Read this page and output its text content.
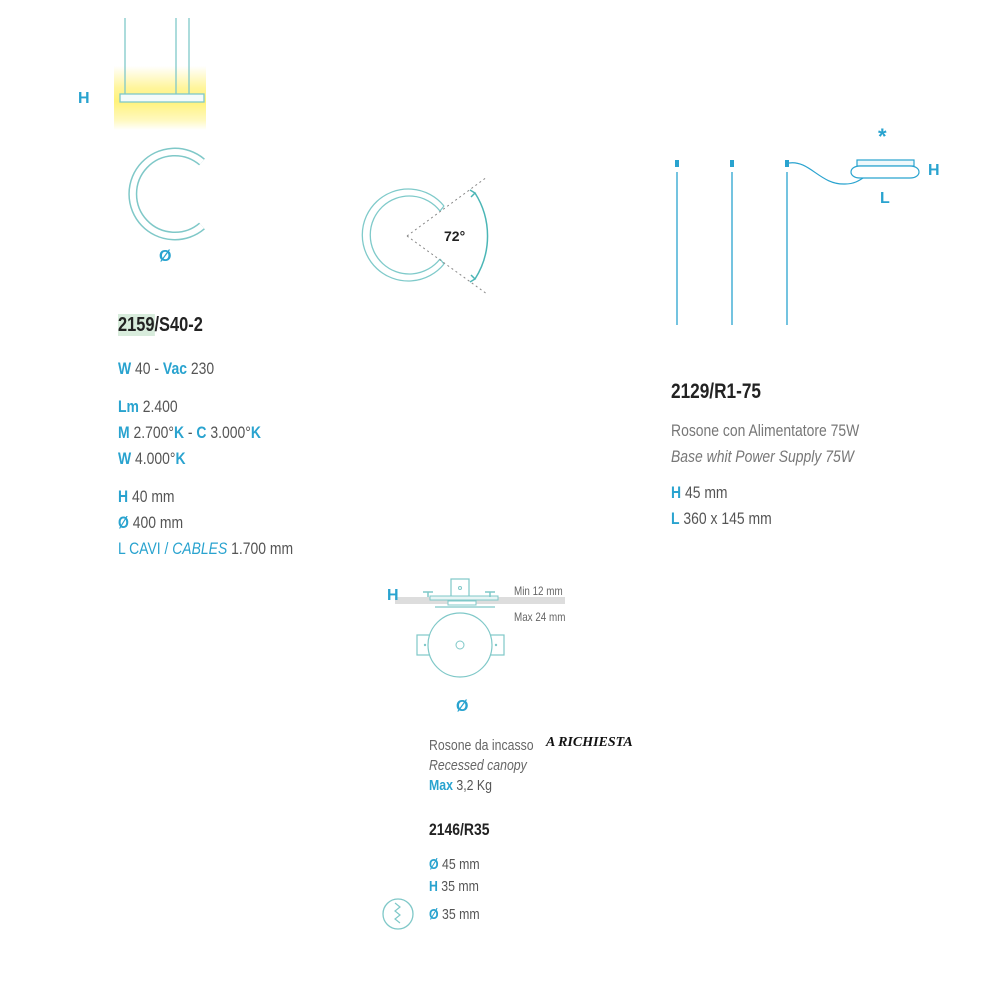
H
Ø
72°
2159/S40-2
W 40 - Vac 230
Lm 2.400
M 2.700°K - C 3.000°K
W 4.000°K
H 40 mm
Ø 400 mm
L CAVI / CABLES 1.700 mm
*
H
L
2129/R1-75
Rosone con Alimentatore 75W
Base whit Power Supply 75W
H 45 mm
L 360 x 145 mm
H	Min 12 mm
Max 24 mm
Ø
Rosone da incasso
Recessed canopy
Max 3,2 Kg
A RICHIESTA
2146/R35
Ø 45 mm
H 35 mm
Ø 35 mm
